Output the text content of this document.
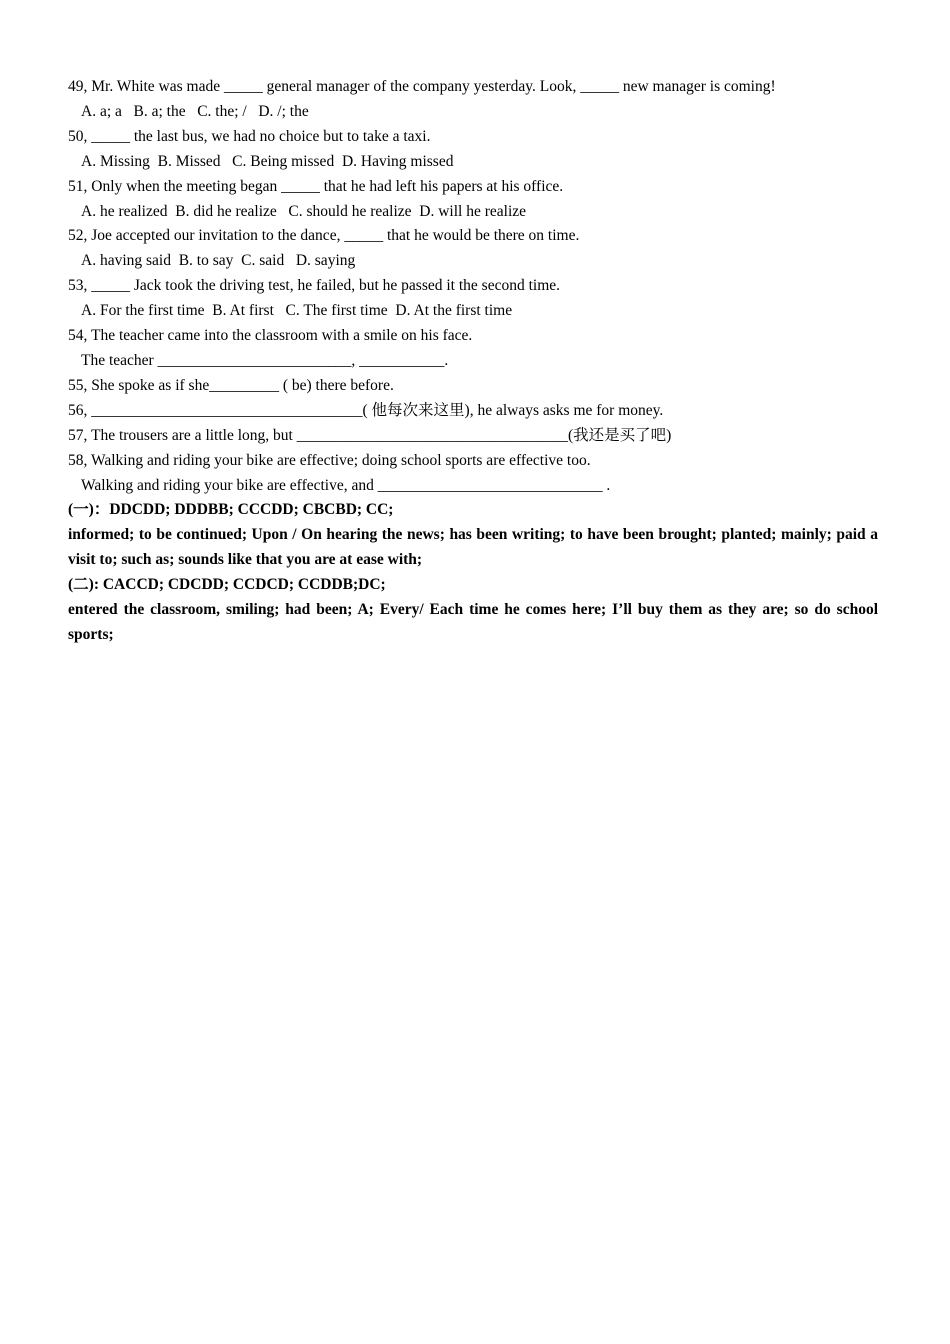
49, Mr. White was made _____ general manager of the company yesterday. Look, _____ new manager is coming!
A. a; a   B. a; the   C. the; /   D. /; the
50, _____ the last bus, we had no choice but to take a taxi.
A. Missing  B. Missed   C. Being missed  D. Having missed
51, Only when the meeting began _____ that he had left his papers at his office.
A. he realized  B. did he realize   C. should he realize  D. will he realize
52, Joe accepted our invitation to the dance, _____ that he would be there on time.
A. having said  B. to say  C. said   D. saying
53, _____ Jack took the driving test, he failed, but he passed it the second time.
A. For the first time  B. At first   C. The first time  D. At the first time
54, The teacher came into the classroom with a smile on his face.
The teacher _________________________, ___________.
55, She spoke as if she_________ ( be) there before.
56, ___________________________________( 他每次来这里), he always asks me for money.
57, The trousers are a little long, but ___________________________________(我还是买了吧)
58, Walking and riding your bike are effective; doing school sports are effective too.
Walking and riding your bike are effective, and _____________________________ .
(一)：DDCDD; DDDBB; CCCDD; CBCBD; CC;
informed; to be continued; Upon / On hearing the news; has been writing; to have been brought; planted; mainly; paid a visit to; such as; sounds like that you are at ease with;
(二): CACCD; CDCDD; CCDCD; CCDDB;DC;
entered the classroom, smiling; had been; A; Every/ Each time he comes here; I’ll buy them as they are; so do school sports;
